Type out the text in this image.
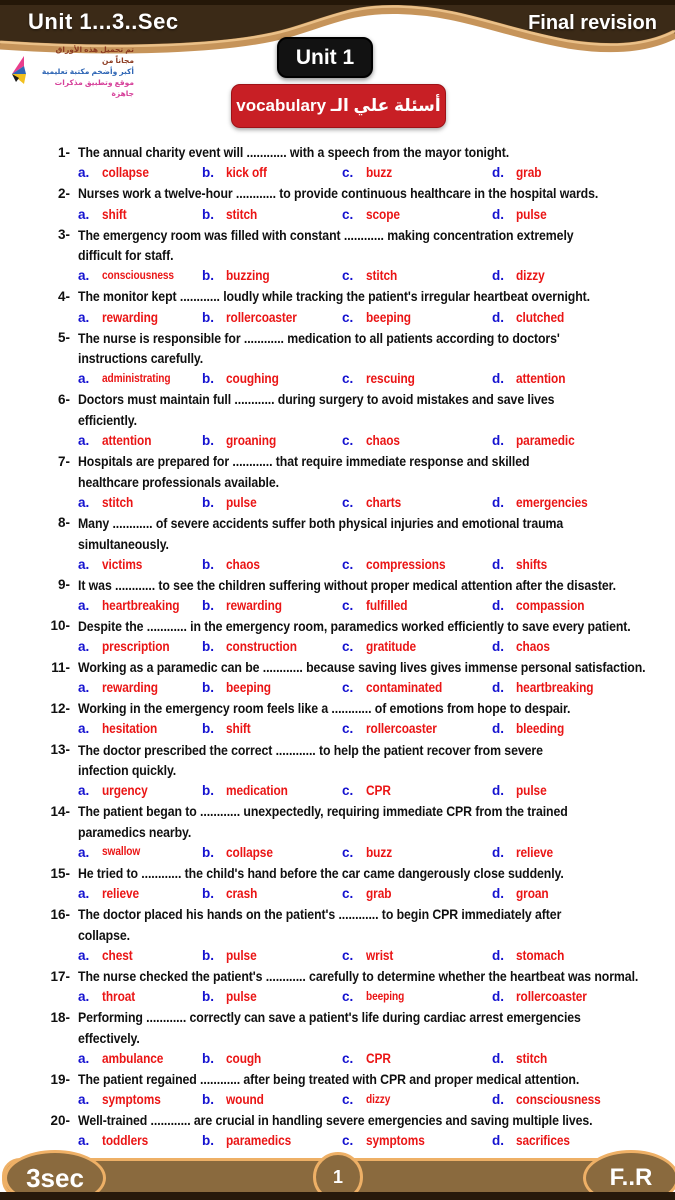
Unit 1...3..Sec	Final revision
Unit 1
أسئلة علي الـ vocabulary
تم تحميل هذه الأوراق مجاناً من
أكبر وأضخم مكتبة تعليمية
موقع وتطبيق مذكرات جاهزة
1- The annual charity event will ............ with a speech from the mayor tonight.
a. collapse	b. kick off	c. buzz	d. grab
2- Nurses work a twelve-hour ............ to provide continuous healthcare in the hospital wards.
a. shift	b. stitch	c. scope	d. pulse
3- The emergency room was filled with constant ............ making concentration extremely
difficult for staff.
a.	consciousness b. buzzing	c. stitch	d. dizzy
4- The monitor kept ............ loudly while tracking the patient's irregular heartbeat overnight.
a. rewarding	b. rollercoaster	c. beeping	d. clutched
5- The nurse is responsible for ............ medication to all patients according to doctors'
instructions carefully.
a.	administrating b. coughing	c. rescuing	d. attention
6- Doctors must maintain full ............ during surgery to avoid mistakes and save lives
efficiently.
a. attention	b. groaning	c. chaos	d. paramedic
7- Hospitals are prepared for ............ that require immediate response and skilled
healthcare professionals available.
a. stitch	b. pulse	c. charts	d. emergencies
8- Many ............ of severe accidents suffer both physical injuries and emotional trauma
simultaneously.
a. victims	b. chaos	c. compressions	d. shifts
9- It was ............ to see the children suffering without proper medical attention after the disaster.
a. heartbreaking b. rewarding	c. fulfilled	d. compassion
10- Despite the ............ in the emergency room, paramedics worked efficiently to save every patient.
a. prescription b. construction	c. gratitude	d. chaos
11- Working as a paramedic can be ............ because saving lives gives immense personal satisfaction.
a. rewarding	b. beeping	c. contaminated	d. heartbreaking
12- Working in the emergency room feels like a ............ of emotions from hope to despair.
a. hesitation	b. shift	c. rollercoaster	d. bleeding
13- The doctor prescribed the correct ............ to help the patient recover from severe
infection quickly.
a. urgency	b. medication	c. CPR	d. pulse
14- The patient began to ............ unexpectedly, requiring immediate CPR from the trained
paramedics nearby.
a.	swallow	b. collapse	c. buzz	d. relieve
15- He tried to ............ the child's hand before the car came dangerously close suddenly.
a. relieve	b. crash	c. grab	d. groan
16- The doctor placed his hands on the patient's ............ to begin CPR immediately after
collapse.
a. chest	b. pulse	c. wrist	d. stomach
17- The nurse checked the patient's ............ carefully to determine whether the heartbeat was normal.
a. throat	b. pulse	c.	beeping	d. rollercoaster
18- Performing ............ correctly can save a patient's life during cardiac arrest emergencies
effectively.
a. ambulance	b. cough	c. CPR	d. stitch
19- The patient regained ............ after being treated with CPR and proper medical attention.
a. symptoms	b. wound	c.	dizzy	d. consciousness
20- Well-trained ............ are crucial in handling severe emergencies and saving multiple lives.
a. toddlers	b. paramedics	c. symptoms	d. sacrifices
3sec	1	F..R
